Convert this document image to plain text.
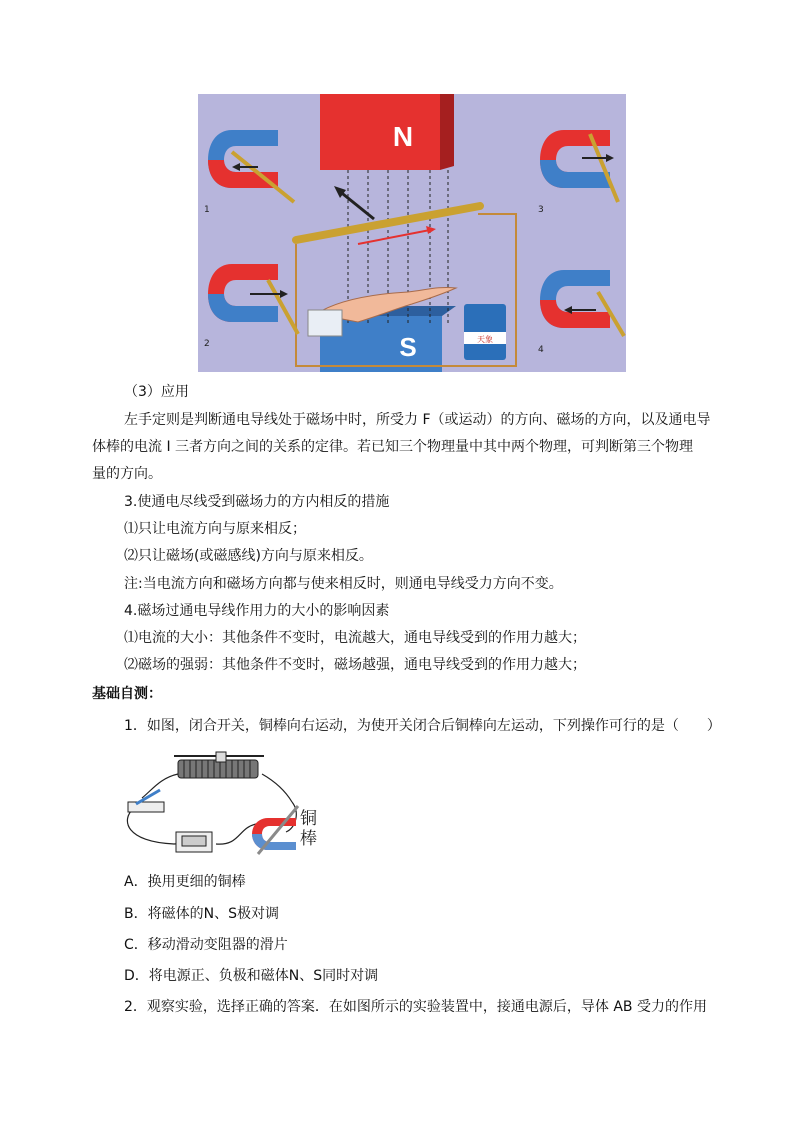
N
S	天象
1
2
3
4
（3）应用
左手定则是判断通电导线处于磁场中时，所受力 F（或运动）的方向、磁场的方向，以及通电导
体棒的电流 I 三者方向之间的关系的定律。若已知三个物理量中其中两个物理，可判断第三个物理
量的方向。
3.使通电尽线受到磁场力的方内相反的措施
⑴只让电流方向与原来相反；
⑵只让磁场(或磁感线)方向与原来相反。
注:当电流方向和磁场方向都与使来相反时，则通电导线受力方向不变。
4.磁场过通电导线作用力的大小的影响因素
⑴电流的大小：其他条件不变时，电流越大，通电导线受到的作用力越大；
⑵磁场的强弱：其他条件不变时，磁场越强，通电导线受到的作用力越大；
基础自测：
1．如图，闭合开关，铜棒向右运动，为使开关闭合后铜棒向左运动，下列操作可行的是（　　）
铜
棒
A．换用更细的铜棒
B．将磁体的N、S极对调
C．移动滑动变阻器的滑片
D．将电源正、负极和磁体N、S同时对调
2．观察实验，选择正确的答案．在如图所示的实验装置中，接通电源后，导体 AB 受力的作用
